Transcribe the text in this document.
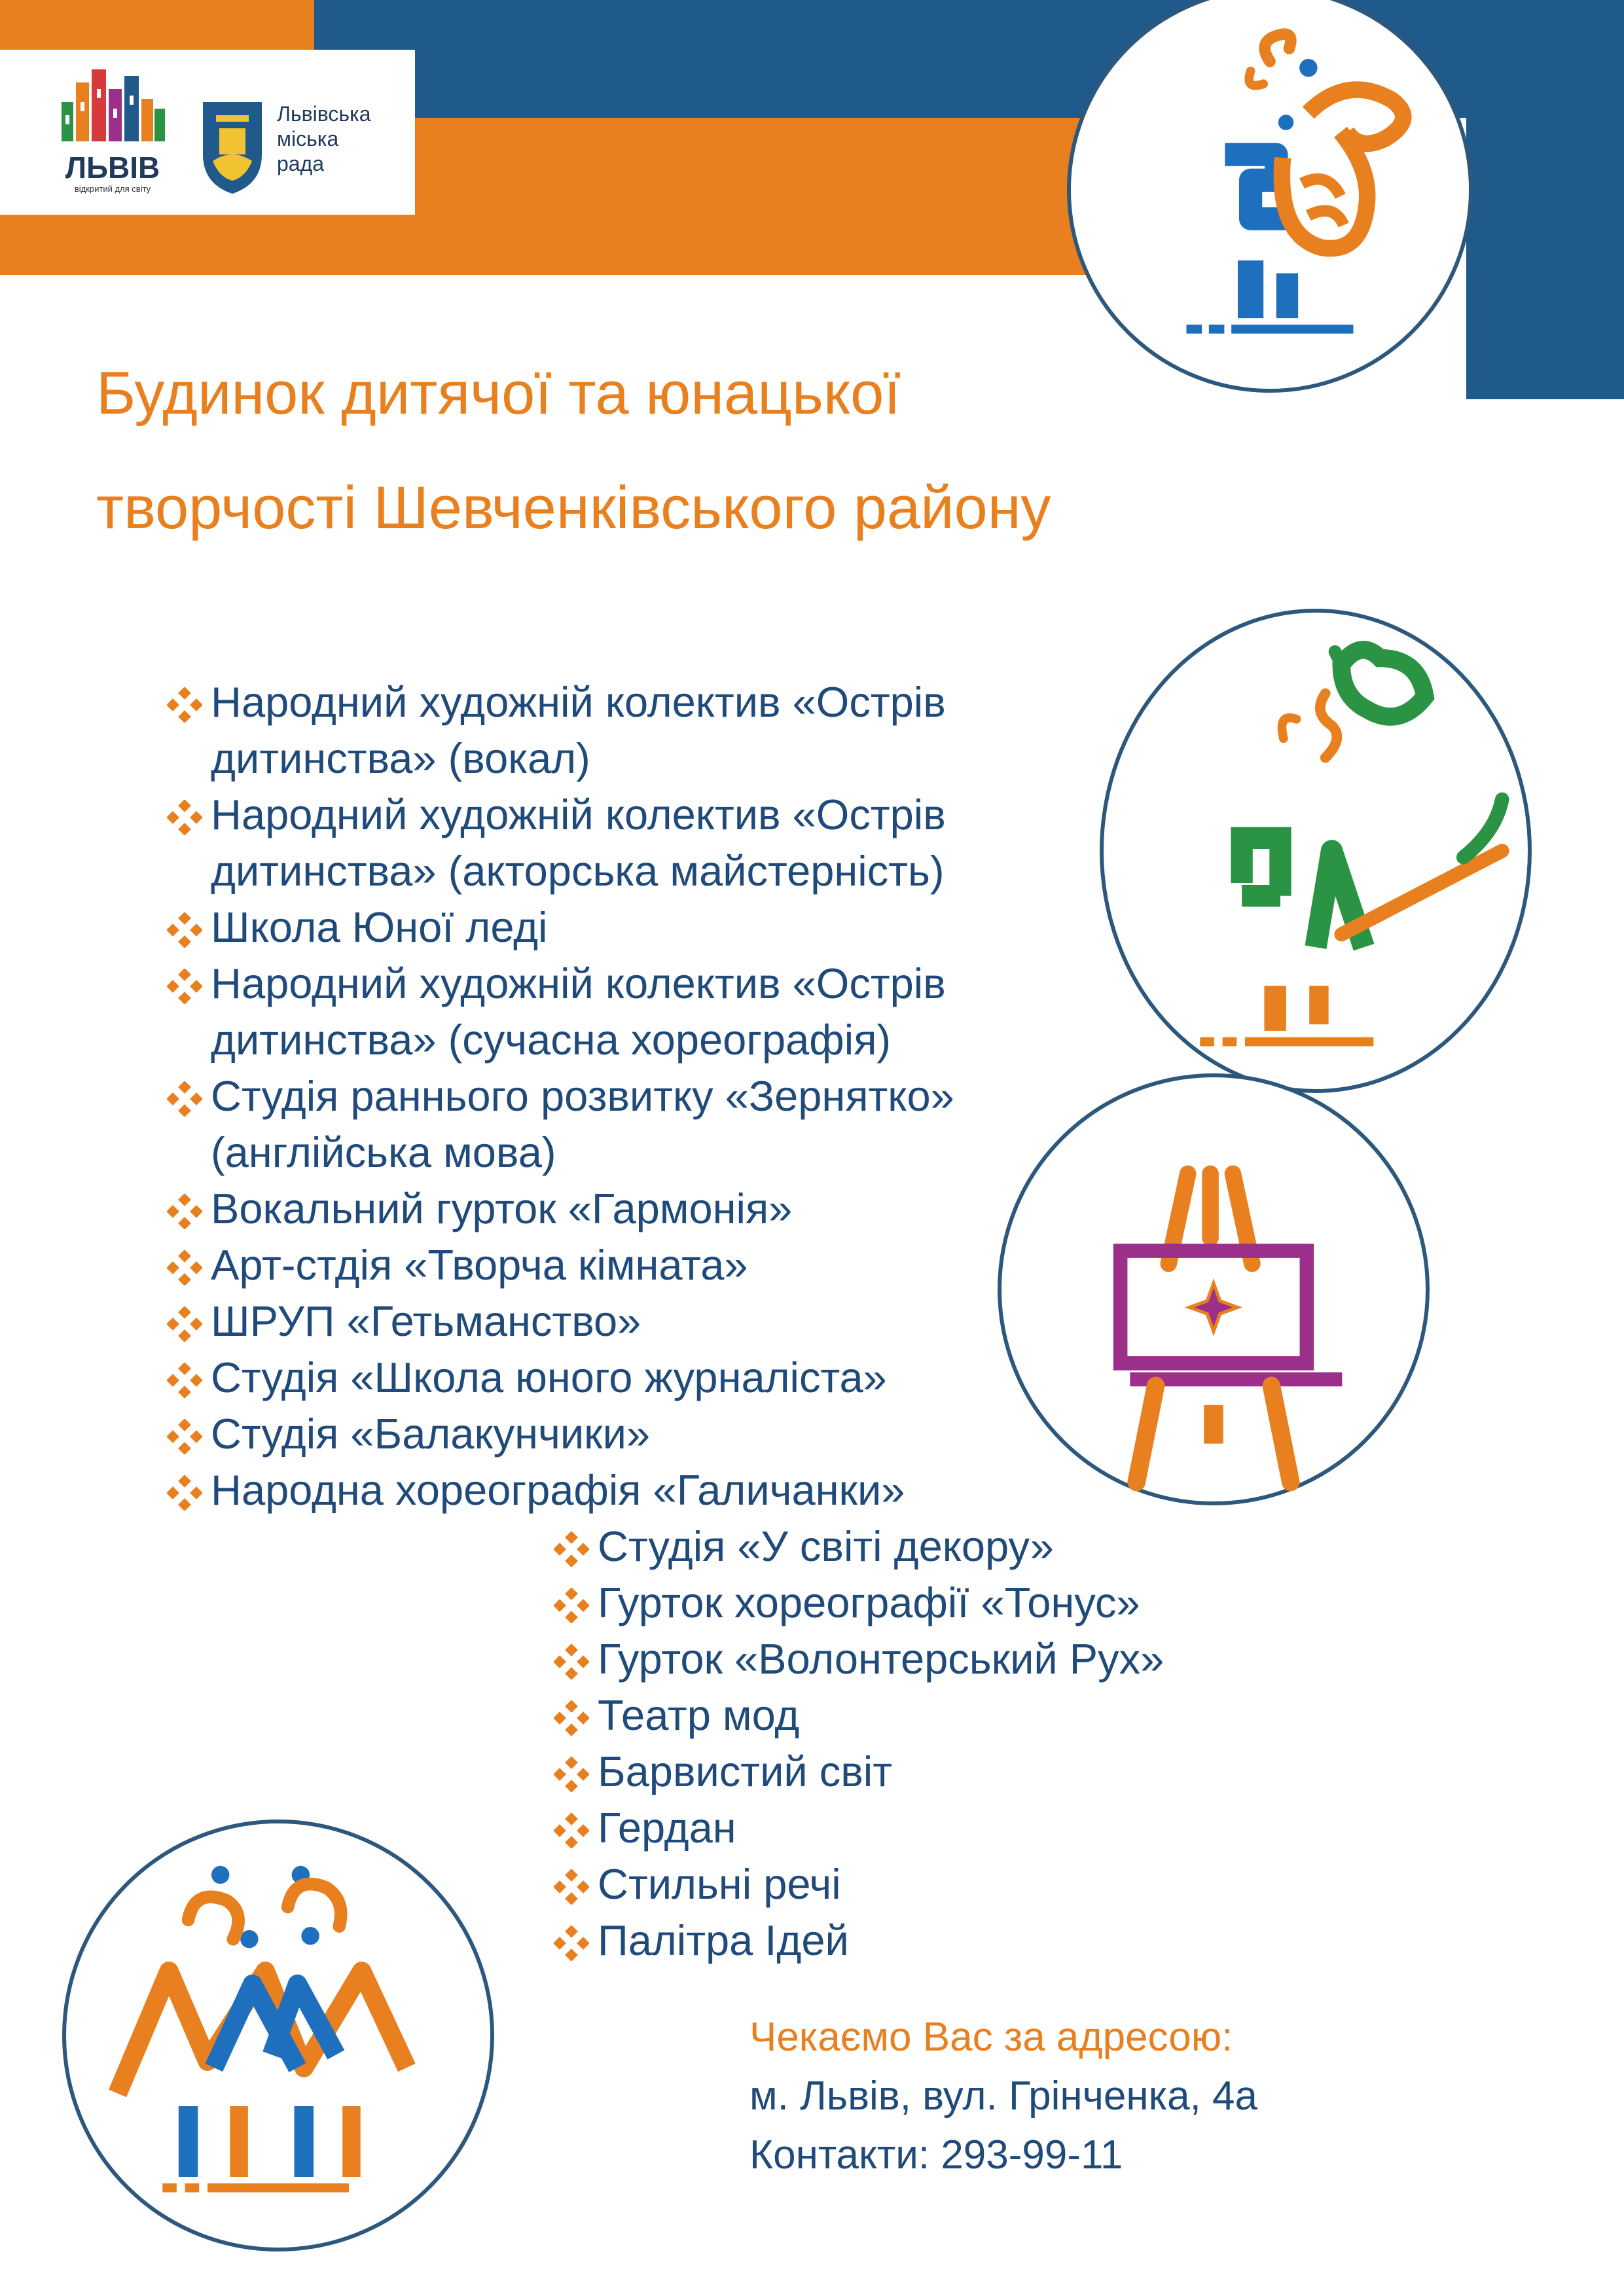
ЛЬВІВ
відкритий для світу
Львівська
міська
рада
Будинок дитячої та юнацької
творчості Шевченківського району
Народний художній колектив «Острів
дитинства» (вокал)
Народний художній колектив «Острів
дитинства» (акторська майстерність)
Школа Юної леді
Народний художній колектив «Острів
дитинства» (сучасна хореографія)
Студія раннього розвитку «Зернятко»
(англійська мова)
Вокальний гурток «Гармонія»
Арт-стдія «Творча кімната»
ШРУП «Гетьманство»
Студія «Школа юного журналіста»
Студія «Балакунчики»
Народна хореографія «Галичанки»
Студія «У світі декору»
Гурток хореографії «Тонус»
Гурток «Волонтерський Рух»
Театр мод
Барвистий світ
Гердан
Стильні речі
Палітра Ідей
Чекаємо Вас за адресою:
м. Львів, вул. Грінченка, 4а
Контакти: 293-99-11
